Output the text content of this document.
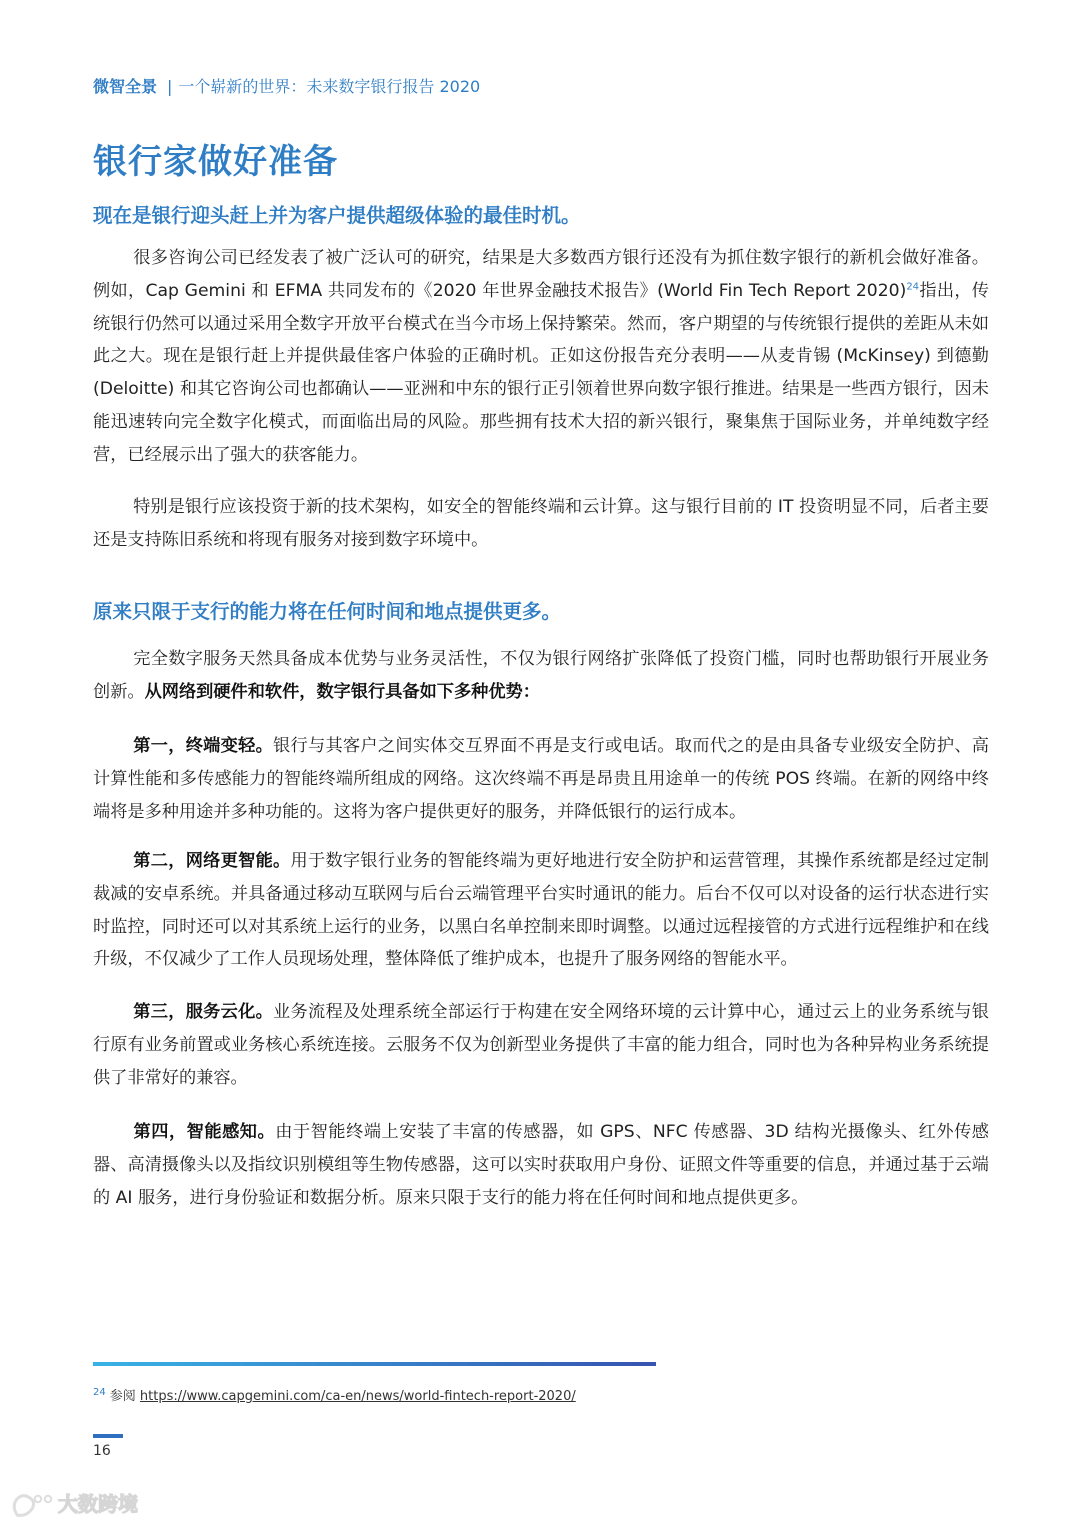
微智全景 | 一个崭新的世界：未来数字银行报告 2020
银行家做好准备
现在是银行迎头赶上并为客户提供超级体验的最佳时机。

很多咨询公司已经发表了被广泛认可的研究，结果是大多数西方银行还没有为抓住数字银行的新机会做好准备。例如，Cap Gemini 和 EFMA 共同发布的《2020 年世界金融技术报告》(World Fin Tech Report 2020)$^{24}$指出，传统银行仍然可以通过采用全数字开放平台模式在当今市场上保持繁荣。然而，客户期望的与传统银行提供的差距从未如此之大。现在是银行赶上并提供最佳客户体验的正确时机。正如这份报告充分表明——从麦肯锡 (McKinsey) 到德勤 (Deloitte) 和其它咨询公司也都确认——亚洲和中东的银行正引领着世界向数字银行推进。结果是一些西方银行，因未能迅速转向完全数字化模式，而面临出局的风险。那些拥有技术大招的新兴银行，聚集焦于国际业务，并单纯数字经营，已经展示出了强大的获客能力。

特别是银行应该投资于新的技术架构，如安全的智能终端和云计算。这与银行目前的 IT 投资明显不同，后者主要还是支持陈旧系统和将现有服务对接到数字环境中。

原来只限于支行的能力将在任何时间和地点提供更多。

完全数字服务天然具备成本优势与业务灵活性，不仅为银行网络扩张降低了投资门槛，同时也帮助银行开展业务创新。从网络到硬件和软件，数字银行具备如下多种优势：

第一，终端变轻。银行与其客户之间实体交互界面不再是支行或电话。取而代之的是由具备专业级安全防护、高计算性能和多传感能力的智能终端所组成的网络。这次终端不再是昂贵且用途单一的传统 POS 终端。在新的网络中终端将是多种用途并多种功能的。这将为客户提供更好的服务，并降低银行的运行成本。

第二，网络更智能。用于数字银行业务的智能终端为更好地进行安全防护和运营管理，其操作系统都是经过定制裁减的安卓系统。并具备通过移动互联网与后台云端管理平台实时通讯的能力。后台不仅可以对设备的运行状态进行实时监控，同时还可以对其系统上运行的业务，以黑白名单控制来即时调整。以通过远程接管的方式进行远程维护和在线升级，不仅减少了工作人员现场处理，整体降低了维护成本，也提升了服务网络的智能水平。

第三，服务云化。业务流程及处理系统全部运行于构建在安全网络环境的云计算中心，通过云上的业务系统与银行原有业务前置或业务核心系统连接。云服务不仅为创新型业务提供了丰富的能力组合，同时也为各种异构业务系统提供了非常好的兼容。

第四，智能感知。由于智能终端上安装了丰富的传感器，如 GPS、NFC 传感器、3D 结构光摄像头、红外传感器、高清摄像头以及指纹识别模组等生物传感器，这可以实时获取用户身份、证照文件等重要的信息，并通过基于云端的 AI 服务，进行身份验证和数据分析。原来只限于支行的能力将在任何时间和地点提供更多。

$^{24}$ 参阅 https://www.capgemini.com/ca-en/news/world-fintech-report-2020/
16
大数跨境
